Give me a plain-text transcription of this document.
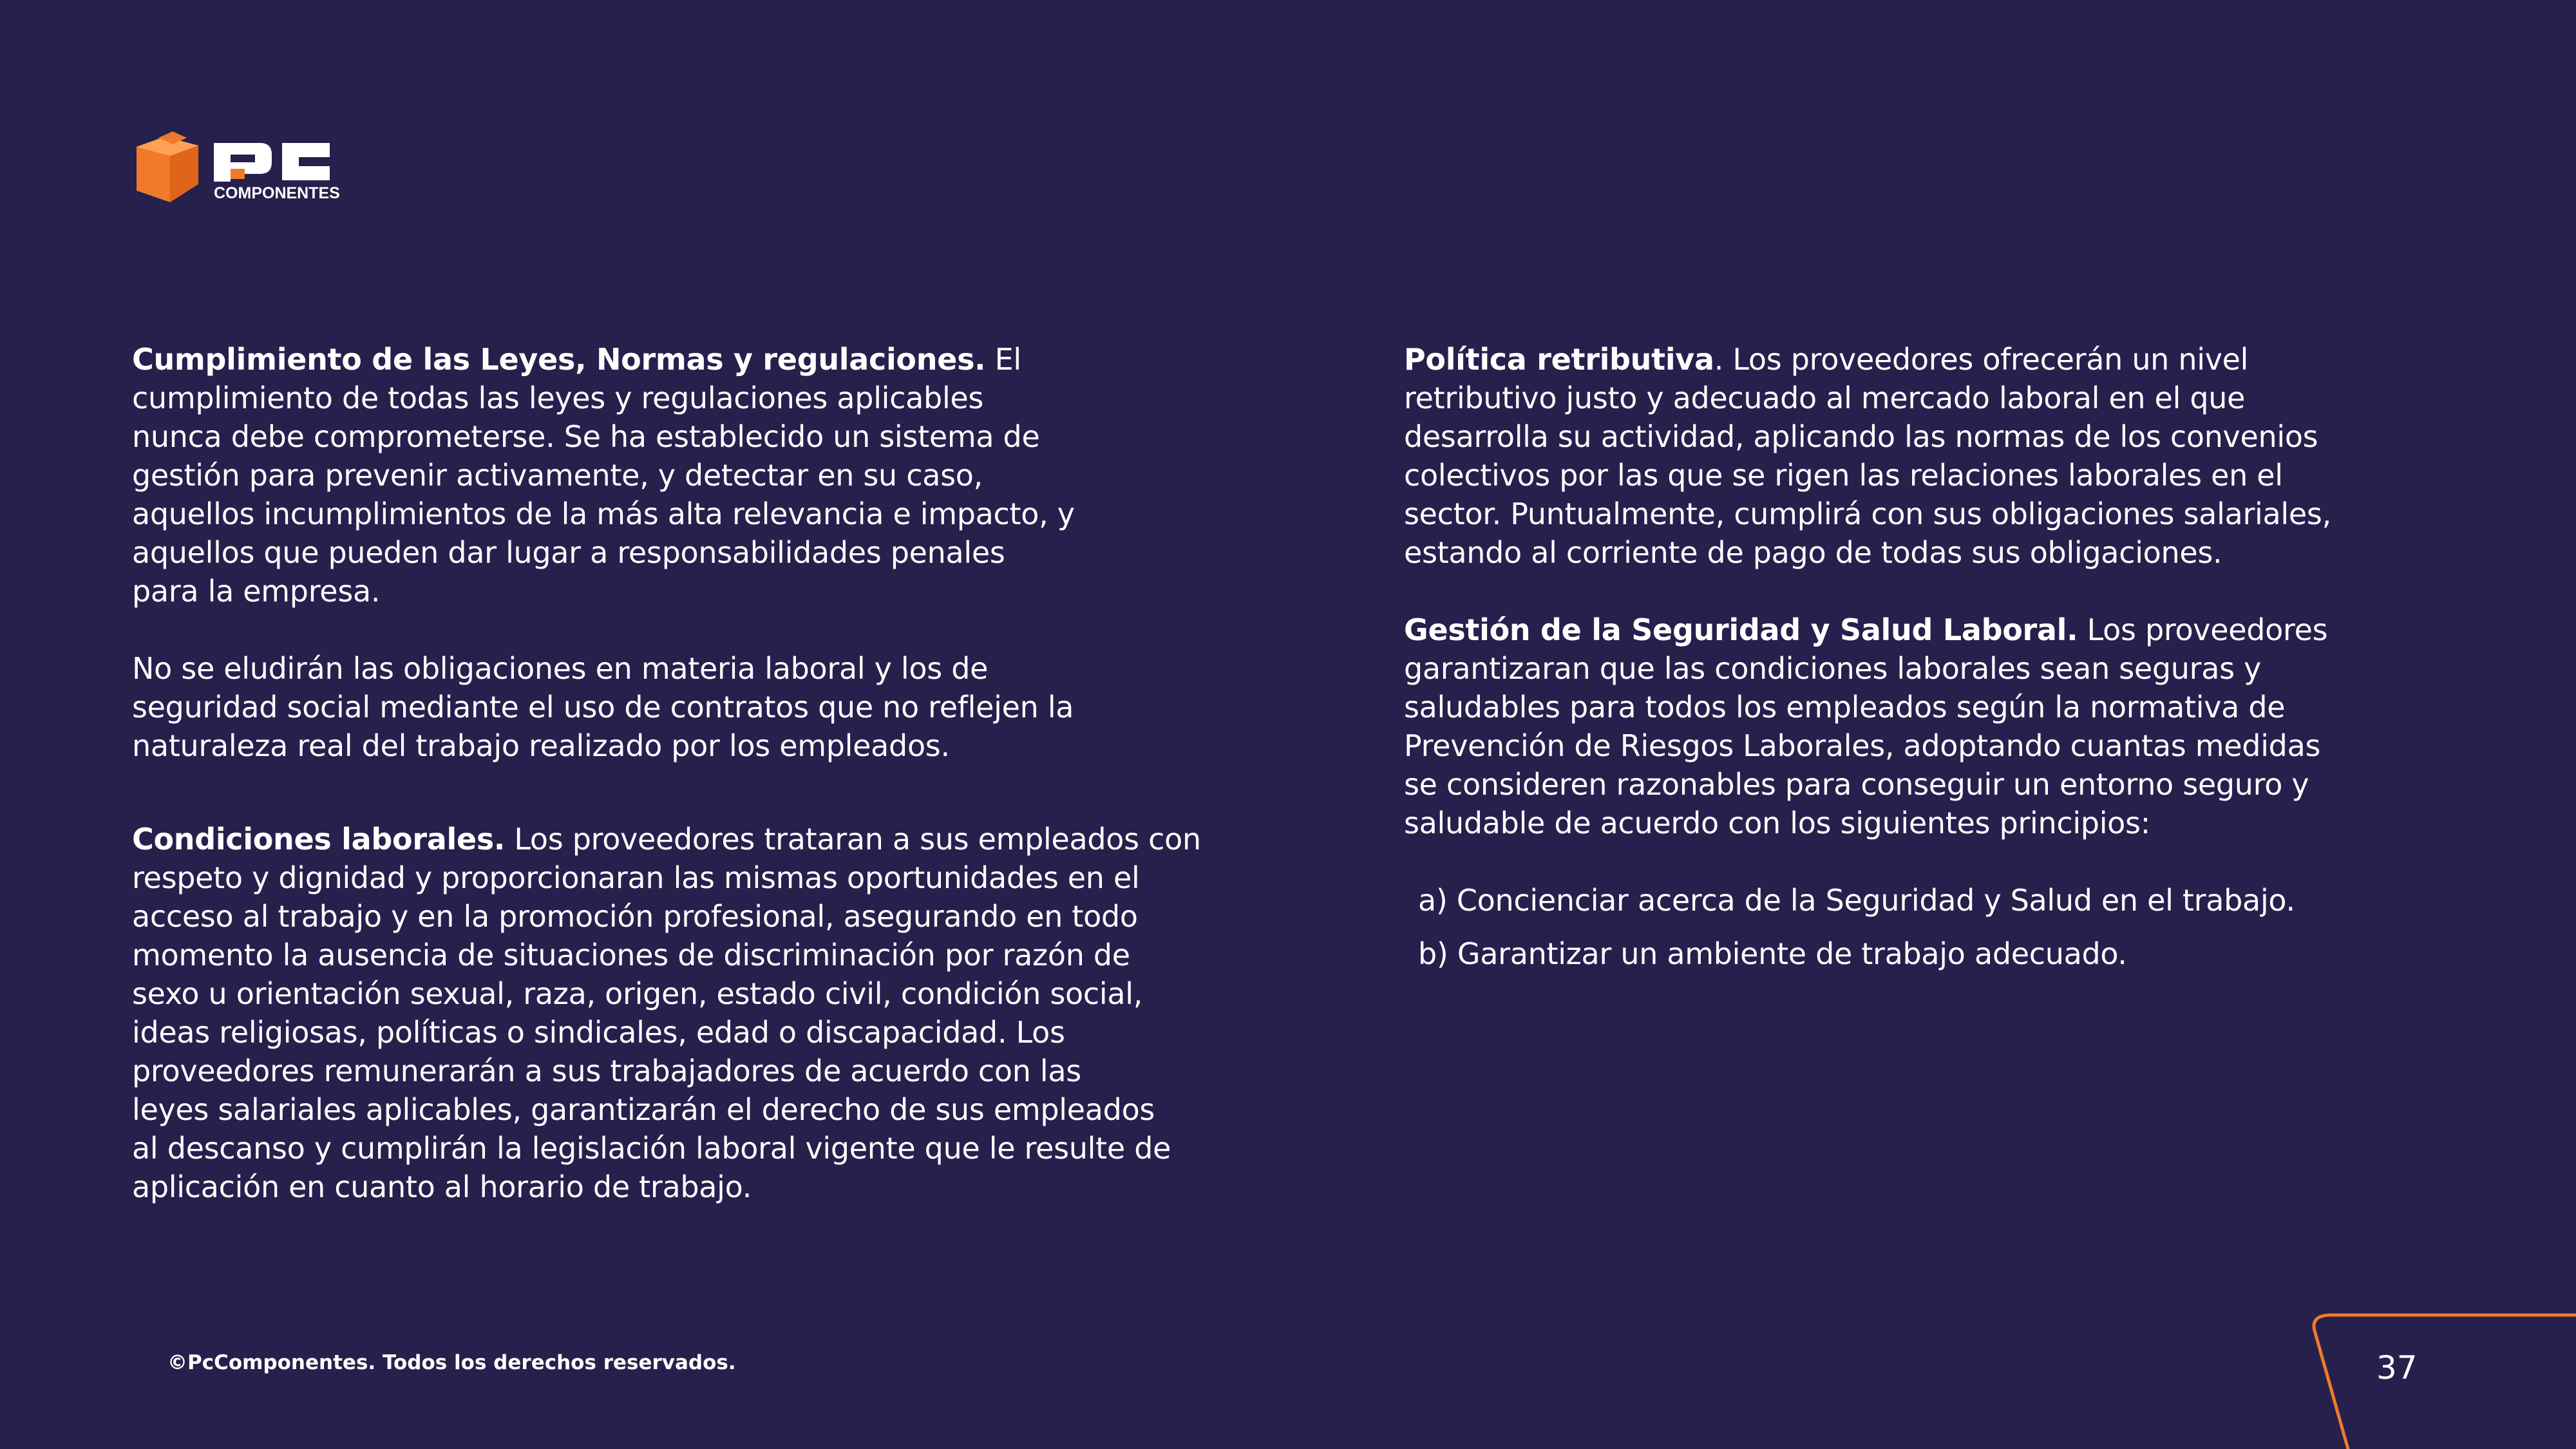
COMPONENTES

Cumplimiento de las Leyes, Normas y regulaciones. El
cumplimiento de todas las leyes y regulaciones aplicables
nunca debe comprometerse. Se ha establecido un sistema de
gestión para prevenir activamente, y detectar en su caso,
aquellos incumplimientos de la más alta relevancia e impacto, y
aquellos que pueden dar lugar a responsabilidades penales
para la empresa.

No se eludirán las obligaciones en materia laboral y los de
seguridad social mediante el uso de contratos que no reflejen la
naturaleza real del trabajo realizado por los empleados.

Condiciones laborales. Los proveedores trataran a sus empleados con
respeto y dignidad y proporcionaran las mismas oportunidades en el
acceso al trabajo y en la promoción profesional, asegurando en todo
momento la ausencia de situaciones de discriminación por razón de
sexo u orientación sexual, raza, origen, estado civil, condición social,
ideas religiosas, políticas o sindicales, edad o discapacidad. Los
proveedores remunerarán a sus trabajadores de acuerdo con las
leyes salariales aplicables, garantizarán el derecho de sus empleados
al descanso y cumplirán la legislación laboral vigente que le resulte de
aplicación en cuanto al horario de trabajo.

Política retributiva. Los proveedores ofrecerán un nivel
retributivo justo y adecuado al mercado laboral en el que
desarrolla su actividad, aplicando las normas de los convenios
colectivos por las que se rigen las relaciones laborales en el
sector. Puntualmente, cumplirá con sus obligaciones salariales,
estando al corriente de pago de todas sus obligaciones.

Gestión de la Seguridad y Salud Laboral. Los proveedores
garantizaran que las condiciones laborales sean seguras y
saludables para todos los empleados según la normativa de
Prevención de Riesgos Laborales, adoptando cuantas medidas
se consideren razonables para conseguir un entorno seguro y
saludable de acuerdo con los siguientes principios:

a) Concienciar acerca de la Seguridad y Salud en el trabajo.
b) Garantizar un ambiente de trabajo adecuado.
©PcComponentes. Todos los derechos reservados.	37
